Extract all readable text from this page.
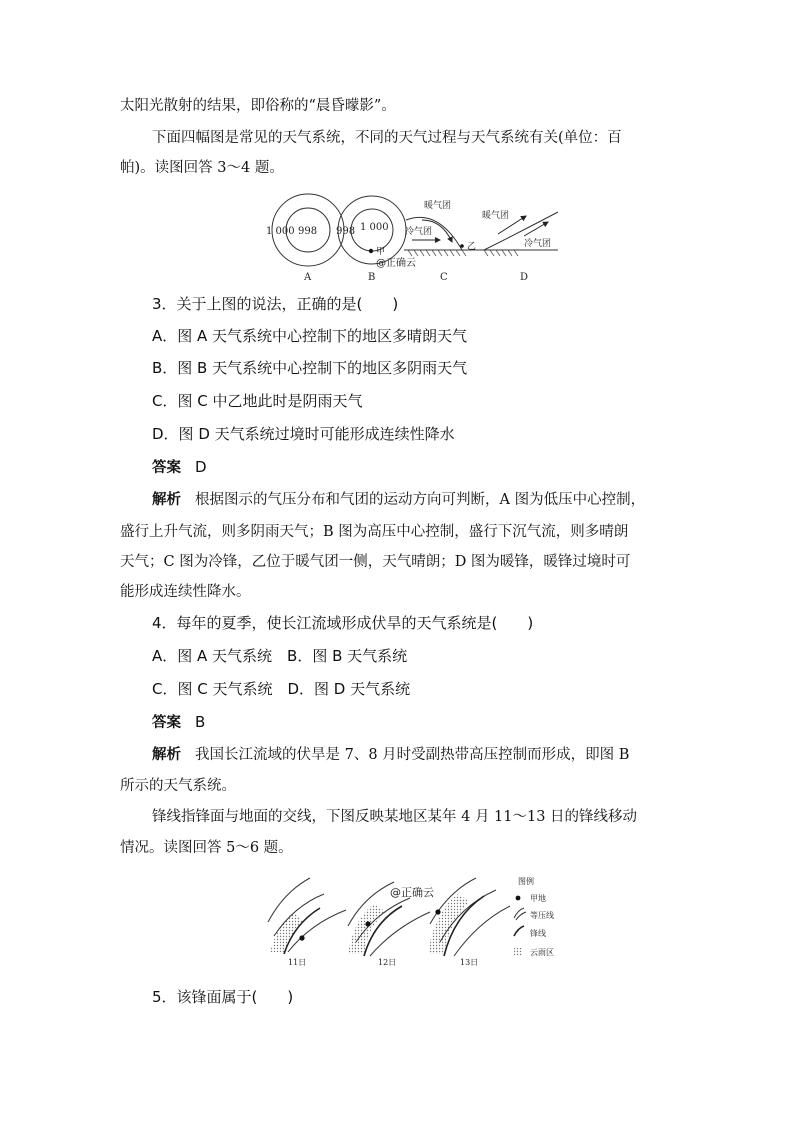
太阳光散射的结果，即俗称的“晨昏曚影”。
下面四幅图是常见的天气系统，不同的天气过程与天气系统有关(单位：百
帕)。读图回答 3～4 题。
1 000 998 998 1 000
甲
@正确云
暖气团
冷气团
乙
暖气团
冷气团
A	B	C	D
3．关于上图的说法，正确的是(　　)
A．图 A 天气系统中心控制下的地区多晴朗天气
B．图 B 天气系统中心控制下的地区多阴雨天气
C．图 C 中乙地此时是阴雨天气
D．图 D 天气系统过境时可能形成连续性降水
答案 D
解析 根据图示的气压分布和气团的运动方向可判断，A 图为低压中心控制，
盛行上升气流，则多阴雨天气；B 图为高压中心控制，盛行下沉气流，则多晴朗
天气；C 图为冷锋，乙位于暖气团一侧，天气晴朗；D 图为暖锋，暖锋过境时可
能形成连续性降水。
4．每年的夏季，使长江流域形成伏旱的天气系统是(　　)
A．图 A 天气系统　B．图 B 天气系统
C．图 C 天气系统　D．图 D 天气系统
答案 B
解析 我国长江流域的伏旱是 7、8 月时受副热带高压控制而形成，即图 B
所示的天气系统。
锋线指锋面与地面的交线，下图反映某地区某年 4 月 11～13 日的锋线移动
情况。读图回答 5～6 题。
11日	12日
@正确云
13日
图例
甲地
等压线
锋线
云雨区
5．该锋面属于(　　)
